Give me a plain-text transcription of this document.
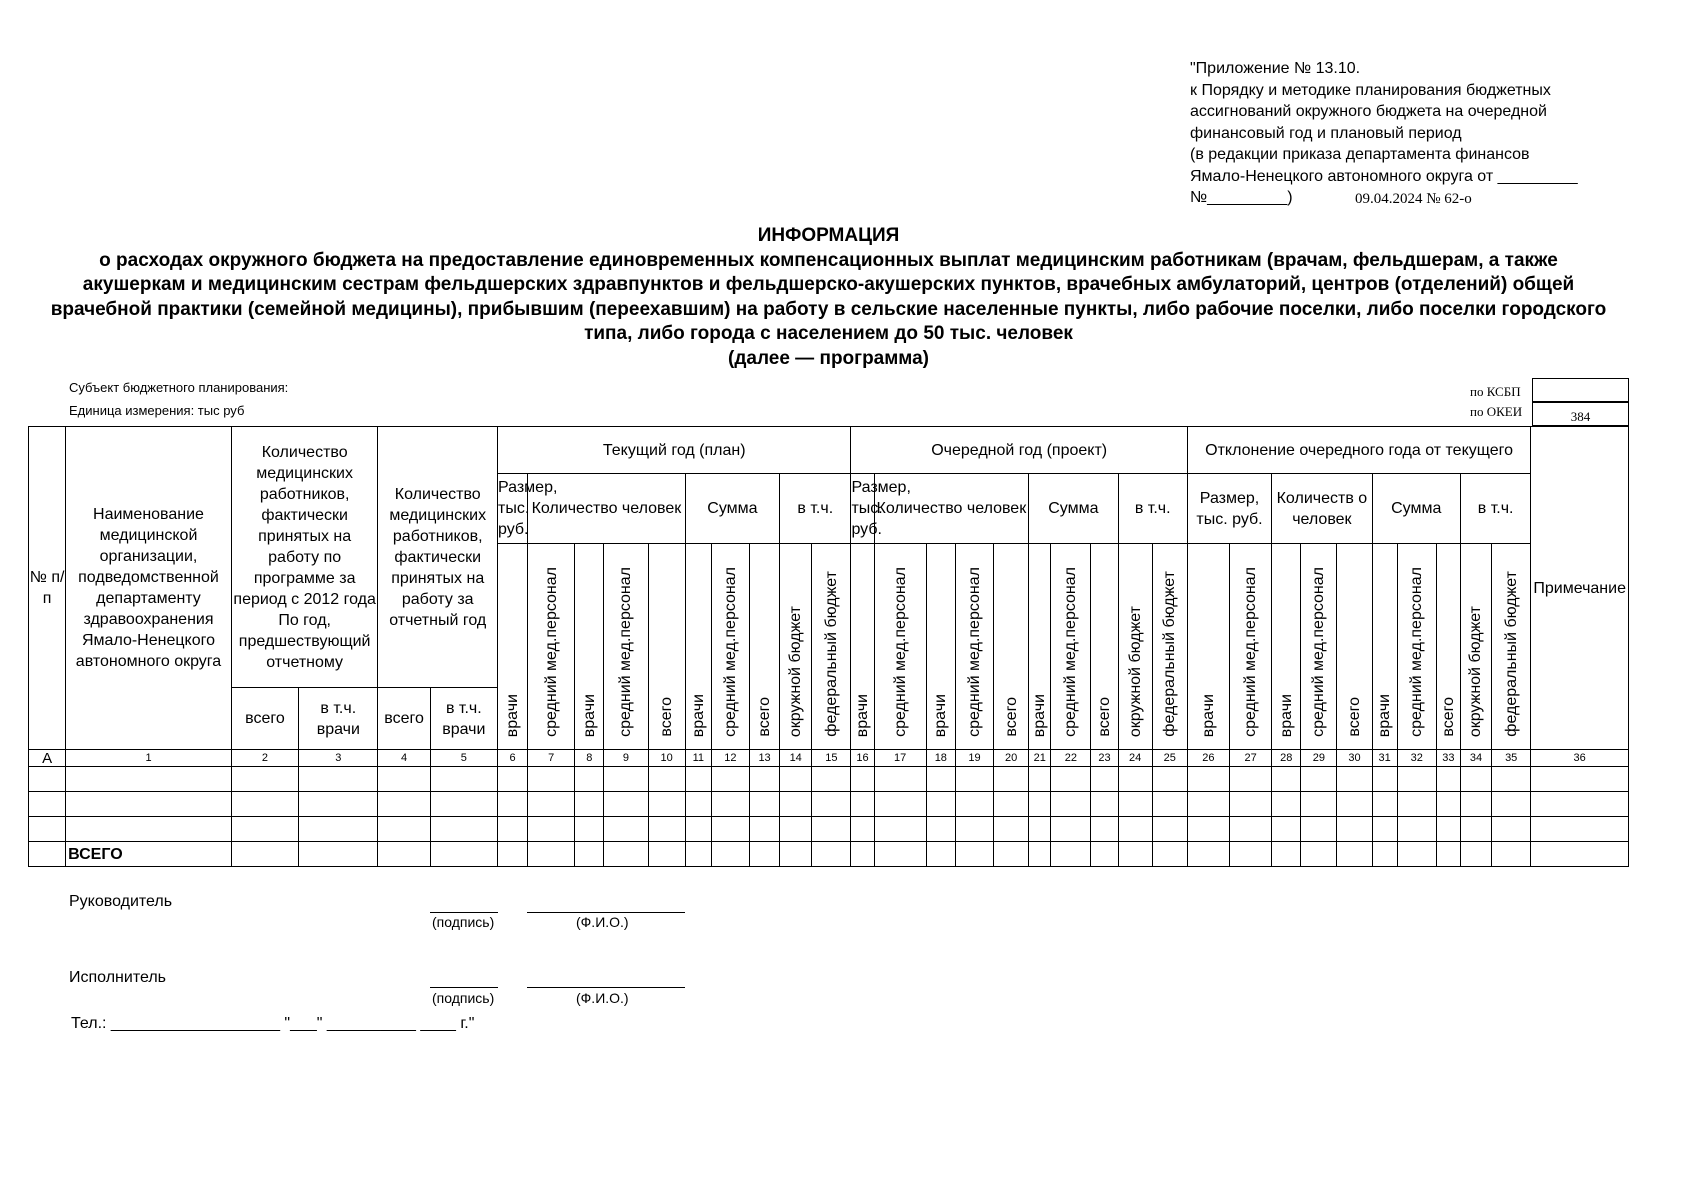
"Приложение № 13.10.
к Порядку и методике планирования бюджетных
ассигнований окружного бюджета на очередной
финансовый год и плановый период
(в редакции приказа департамента финансов
Ямало-Ненецкого автономного округа от _________
№_________)	09.04.2024 № 62-о
ИНФОРМАЦИЯ
о расходах окружного бюджета на предоставление единовременных компенсационных выплат медицинским работникам (врачам, фельдшерам, а также акушеркам и медицинским сестрам фельдшерских здравпунктов и фельдшерско-акушерских пунктов, врачебных амбулаторий, центров (отделений) общей врачебной практики (семейной медицины), прибывшим (переехавшим) на работу в сельские населенные пункты, либо рабочие поселки, либо поселки городского типа, либо города с населением до 50 тыс. человек
(далее — программа)
Субъект бюджетного планирования:
Единица измерения: тыс руб
по КСБП
по ОКЕИ	384
№ п/п	Наименование медицинской организации, подведомственной департаменту здравоохранения Ямало-Ненецкого автономного округа	Количество медицинских работников, фактически принятых на работу по программе за период с 2012 года По год, предшествующий отчетному		Количество медицинских работников, фактически принятых на работу за отчетный год		Текущий год (план)										Очередной год (проект)										Отклонение очередного года от текущего										Примечание
						Размер, тыс. руб.	Количество человек				Сумма			в т.ч.		Размер, тыс. руб.	Количество человек				Сумма			в т.ч.		Размер, тыс. руб.		Количеств о человек			Сумма			в т.ч.		
						врачи	средний мед.персонал	врачи	средний мед.персонал	всего	врачи	средний мед.персонал	всего	окружной бюджет	федеральный бюджет	врачи	средний мед.персонал	врачи	средний мед.персонал	всего	врачи	средний мед.персонал	всего	окружной бюджет	федеральный бюджет	врачи	средний мед.персонал	врачи	средний мед.персонал	всего	врачи	средний мед.персонал	всего	окружной бюджет	федеральный бюджет	
		всего	в т.ч. врачи	всего	в т.ч. врачи																															
А	1	2	3	4	5	6	7	8	9	10	11	12	13	14	15	16	17	18	19	20	21	22	23	24	25	26	27	28	29	30	31	32	33	34	35	36

	ВСЕГО																																			
Руководитель
(подпись)	(Ф.И.О.)
Исполнитель
(подпись)	(Ф.И.О.)
Тел.: ___________________ "___" __________ ____ г."
